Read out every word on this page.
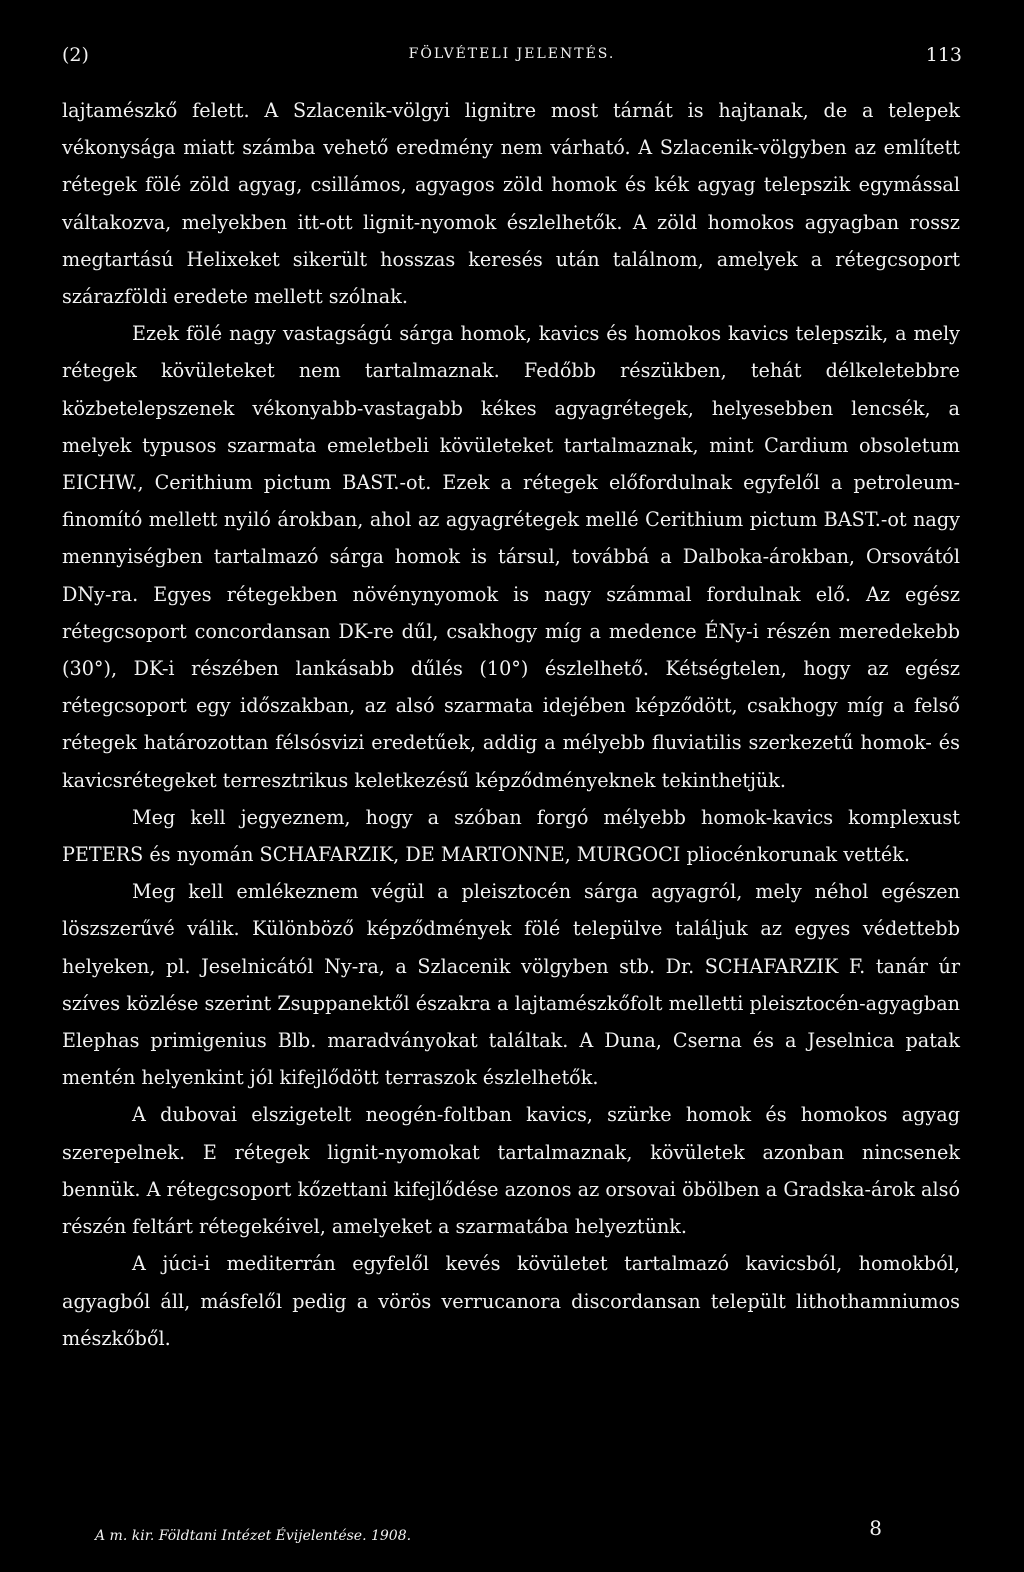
(2)	FÖLVÉTELI JELENTÉS.	113

lajtamészkő felett. A Szlacenik-völgyi lignitre most tárnát is hajtanak, de a telepek vékonysága miatt számba vehető eredmény nem várható. A Szlacenik-völgyben az említett rétegek fölé zöld agyag, csillámos, agyagos zöld homok és kék agyag telepszik egymással váltakozva, melyekben itt-ott lignit-nyomok észlelhetők. A zöld homokos agyagban rossz megtartású Helixeket sikerült hosszas keresés után találnom, amelyek a rétegcsoport szárazföldi eredete mellett szólnak.

Ezek fölé nagy vastagságú sárga homok, kavics és homokos kavics telepszik, a mely rétegek kövületeket nem tartalmaznak. Fedőbb részükben, tehát délkeletebbre közbetelepszenek vékonyabb-vastagabb kékes agyagrétegek, helyesebben lencsék, a melyek typusos szarmata emeletbeli kövületeket tartalmaznak, mint Cardium obsoletum EICHW., Cerithium pictum BAST.-ot. Ezek a rétegek előfordulnak egyfelől a petroleum-finomító mellett nyiló árokban, ahol az agyagrétegek mellé Cerithium pictum BAST.-ot nagy mennyiségben tartalmazó sárga homok is társul, továbbá a Dalboka-árokban, Orsovától DNy-ra. Egyes rétegekben növénynyomok is nagy számmal fordulnak elő. Az egész rétegcsoport concordansan DK-re dűl, csakhogy míg a medence ÉNy-i részén meredekebb (30°), DK-i részében lankásabb dűlés (10°) észlelhető. Kétségtelen, hogy az egész rétegcsoport egy időszakban, az alsó szarmata idejében képződött, csakhogy míg a felső rétegek határozottan félsósvizi eredetűek, addig a mélyebb fluviatilis szerkezetű homok- és kavicsrétegeket terresztrikus keletkezésű képződményeknek tekinthetjük.

Meg kell jegyeznem, hogy a szóban forgó mélyebb homok-kavics komplexust PETERS és nyomán SCHAFARZIK, DE MARTONNE, MURGOCI pliocénkorunak vették.

Meg kell emlékeznem végül a pleisztocén sárga agyagról, mely néhol egészen löszszerűvé válik. Különböző képződmények fölé települve találjuk az egyes védettebb helyeken, pl. Jeselnicától Ny-ra, a Szlacenik völgyben stb. Dr. SCHAFARZIK F. tanár úr szíves közlése szerint Zsuppanektől északra a lajtamészkőfolt melletti pleisztocén-agyagban Elephas primigenius Blb. maradványokat találtak. A Duna, Cserna és a Jeselnica patak mentén helyenkint jól kifejlődött terraszok észlelhetők.

A dubovai elszigetelt neogén-foltban kavics, szürke homok és homokos agyag szerepelnek. E rétegek lignit-nyomokat tartalmaznak, kövületek azonban nincsenek bennük. A rétegcsoport kőzettani kifejlődése azonos az orsovai öbölben a Gradska-árok alsó részén feltárt rétegekéivel, amelyeket a szarmatába helyeztünk.

A júci-i mediterrán egyfelől kevés kövületet tartalmazó kavicsból, homokból, agyagból áll, másfelől pedig a vörös verrucanora discordansan települt lithothamniumos mészkőből.

A m. kir. Földtani Intézet Évijelentése. 1908.	8
